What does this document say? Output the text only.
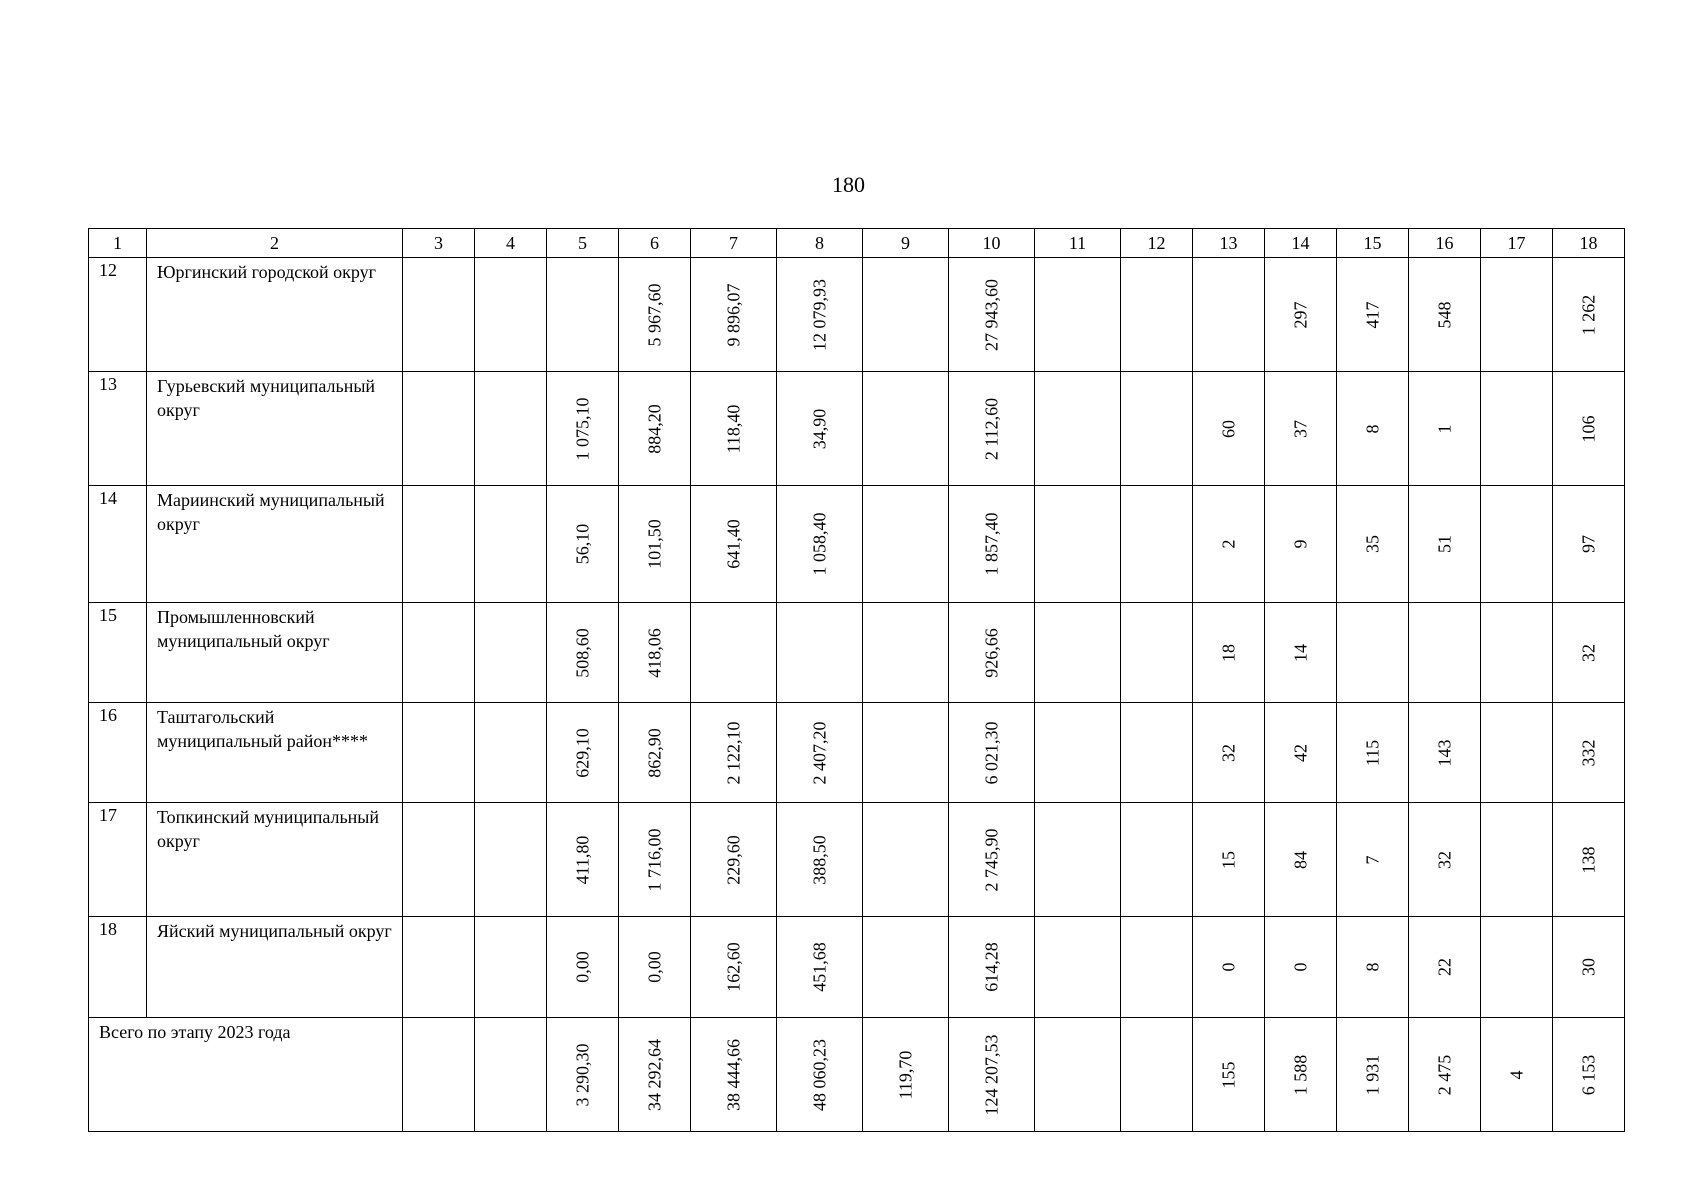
180
1	2	3	4	5	6	7	8	9	10	11	12	13	14	15	16	17	18
12	Юргинский городской округ				5 967,60	9 896,07	12 079,93		27 943,60				297	417	548		1 262

13	Гурьевский муниципальный округ			1 075,10	884,20	118,40	34,90		2 112,60			60	37	8	1		106

14	Мариинский муниципальный округ			56,10	101,50	641,40	1 058,40		1 857,40			2	9	35	51		97

15	Промышленновский муниципальный округ			508,60	418,06				926,66			18	14				32

16	Таштагольский муниципальный район****			629,10	862,90	2 122,10	2 407,20		6 021,30			32	42	115	143		332

17	Топкинский муниципальный округ			411,80	1 716,00	229,60	388,50		2 745,90			15	84	7	32		138

18	Яйский муниципальный округ			0,00	0,00	162,60	451,68		614,28			0	0	8	22		30

Всего по этапу 2023 года				3 290,30	34 292,64	38 444,66	48 060,23	119,70	124 207,53			155	1 588	1 931	2 475	4	6 153
